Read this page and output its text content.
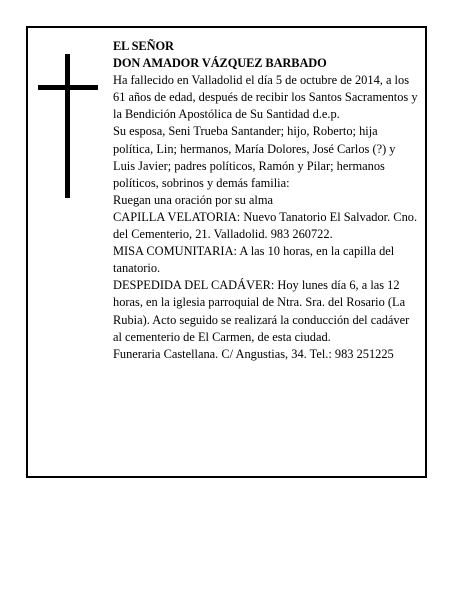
EL SEÑOR

DON AMADOR VÁZQUEZ BARBADO

Ha fallecido en Valladolid el día 5 de octubre de 2014, a los 61 años de edad, después de recibir los Santos Sacramentos y la Bendición Apostólica de Su Santidad d.e.p.

Su esposa, Seni Trueba Santander; hijo, Roberto; hija política, Lin; hermanos, María Dolores, José Carlos (?) y Luis Javier; padres políticos, Ramón y Pilar; hermanos políticos, sobrinos y demás familia:

Ruegan una oración por su alma

CAPILLA VELATORIA: Nuevo Tanatorio El Salvador. Cno. del Cementerio, 21. Valladolid. 983 260722.

MISA COMUNITARIA: A las 10 horas, en la capilla del tanatorio.

DESPEDIDA DEL CADÁVER: Hoy lunes día 6, a las 12 horas, en la iglesia parroquial de Ntra. Sra. del Rosario (La Rubia). Acto seguido se realizará la conducción del cadáver al cementerio de El Carmen, de esta ciudad.

Funeraria Castellana. C/ Angustias, 34. Tel.: 983 251225
